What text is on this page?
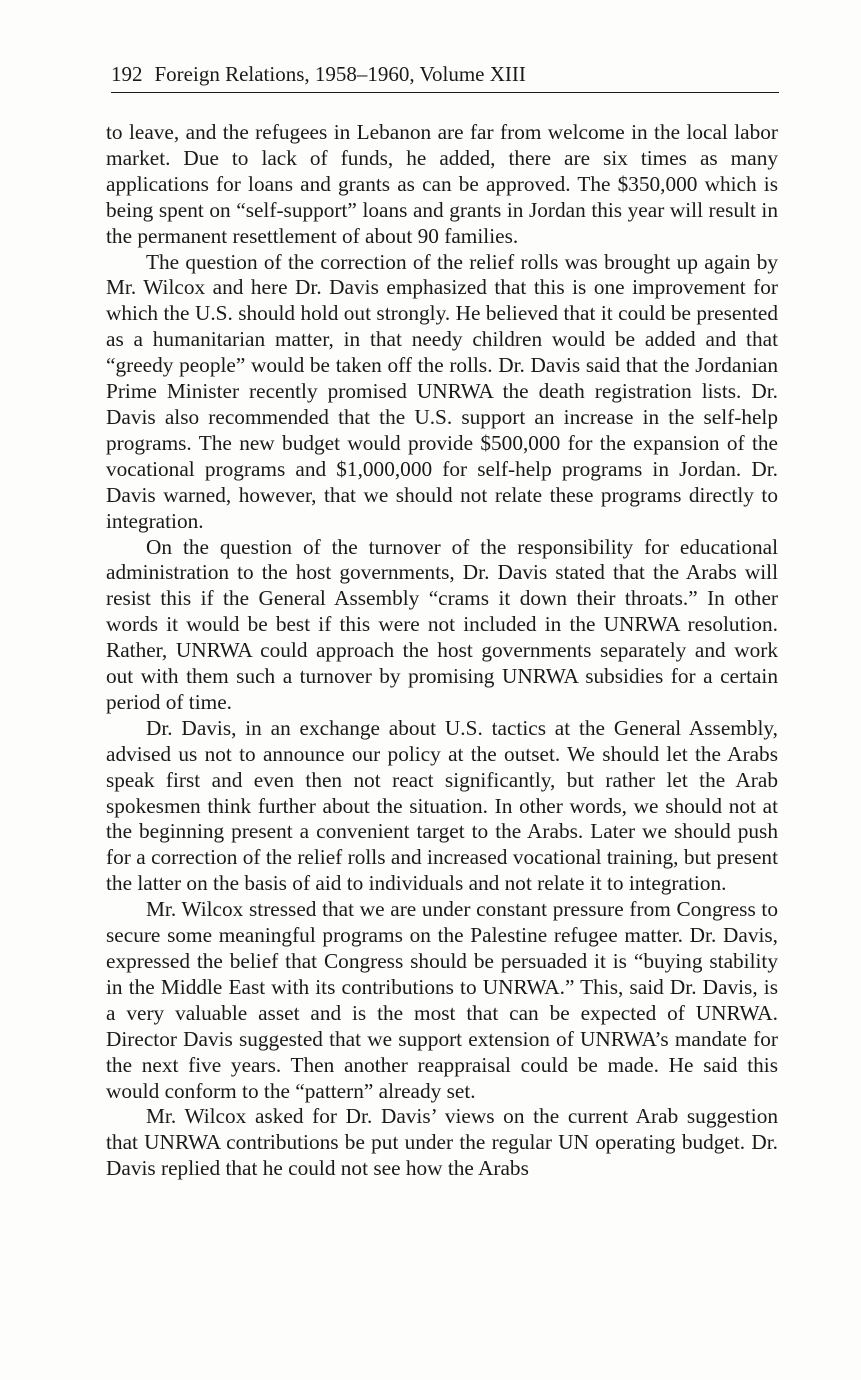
192 Foreign Relations, 1958–1960, Volume XIII

to leave, and the refugees in Lebanon are far from welcome in the local labor market. Due to lack of funds, he added, there are six times as many applications for loans and grants as can be approved. The $350,000 which is being spent on “self-support” loans and grants in Jordan this year will result in the permanent resettlement of about 90 families.

The question of the correction of the relief rolls was brought up again by Mr. Wilcox and here Dr. Davis emphasized that this is one improvement for which the U.S. should hold out strongly. He believed that it could be presented as a humanitarian matter, in that needy children would be added and that “greedy people” would be taken off the rolls. Dr. Davis said that the Jordanian Prime Minister recently promised UNRWA the death registration lists. Dr. Davis also recommended that the U.S. support an increase in the self-help programs. The new budget would provide $500,000 for the expansion of the vocational programs and $1,000,000 for self-help programs in Jordan. Dr. Davis warned, however, that we should not relate these programs directly to integration.

On the question of the turnover of the responsibility for educational administration to the host governments, Dr. Davis stated that the Arabs will resist this if the General Assembly “crams it down their throats.” In other words it would be best if this were not included in the UNRWA resolution. Rather, UNRWA could approach the host governments separately and work out with them such a turnover by promising UNRWA subsidies for a certain period of time.

Dr. Davis, in an exchange about U.S. tactics at the General Assembly, advised us not to announce our policy at the outset. We should let the Arabs speak first and even then not react significantly, but rather let the Arab spokesmen think further about the situation. In other words, we should not at the beginning present a convenient target to the Arabs. Later we should push for a correction of the relief rolls and increased vocational training, but present the latter on the basis of aid to individuals and not relate it to integration.

Mr. Wilcox stressed that we are under constant pressure from Congress to secure some meaningful programs on the Palestine refugee matter. Dr. Davis, expressed the belief that Congress should be persuaded it is “buying stability in the Middle East with its contributions to UNRWA.” This, said Dr. Davis, is a very valuable asset and is the most that can be expected of UNRWA. Director Davis suggested that we support extension of UNRWA’s mandate for the next five years. Then another reappraisal could be made. He said this would conform to the “pattern” already set.

Mr. Wilcox asked for Dr. Davis’ views on the current Arab suggestion that UNRWA contributions be put under the regular UN operating budget. Dr. Davis replied that he could not see how the Arabs
